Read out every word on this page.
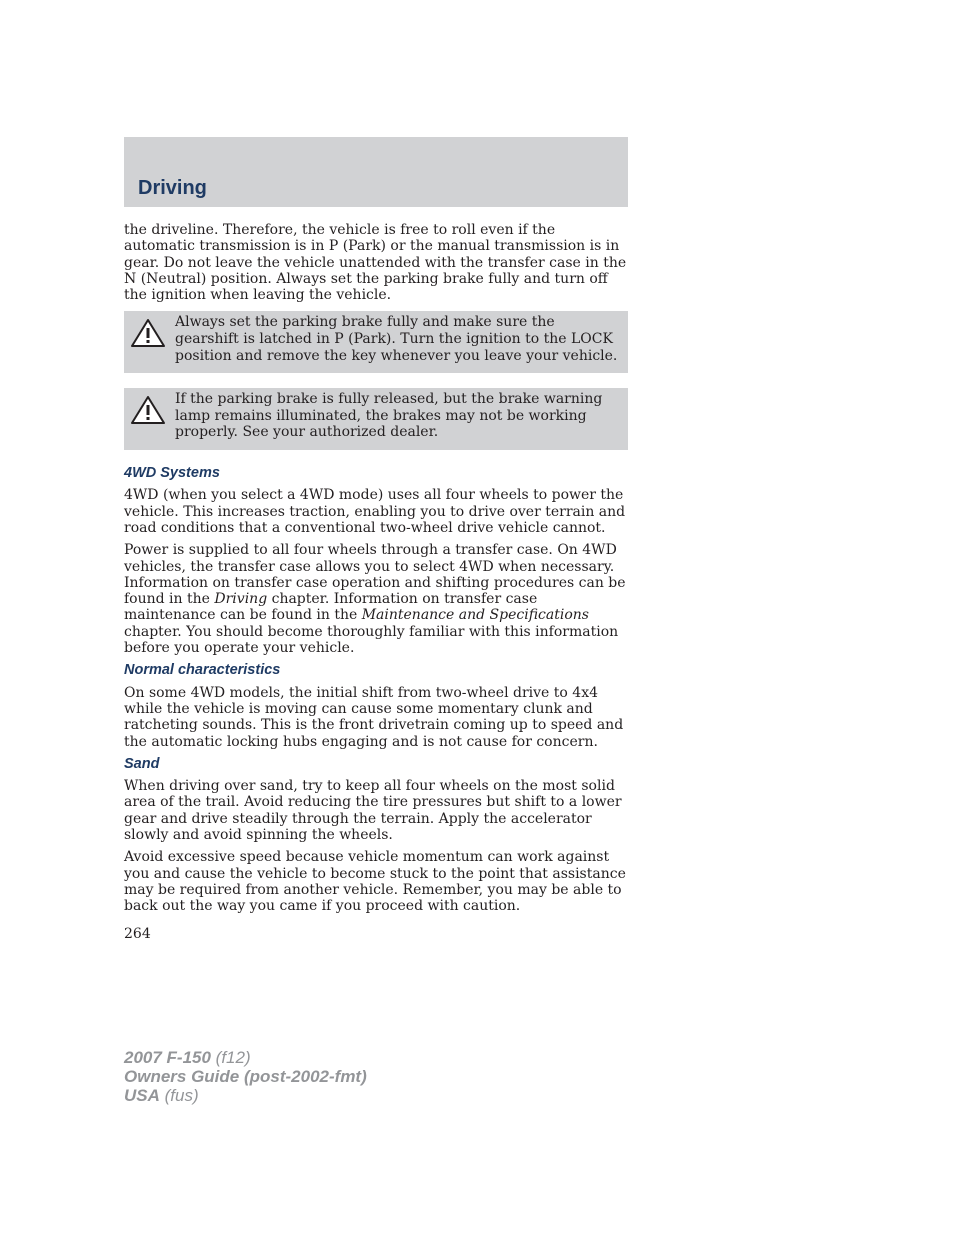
Driving

the driveline. Therefore, the vehicle is free to roll even if the automatic transmission is in P (Park) or the manual transmission is in gear. Do not leave the vehicle unattended with the transfer case in the N (Neutral) position. Always set the parking brake fully and turn off the ignition when leaving the vehicle.

Always set the parking brake fully and make sure the gearshift is latched in P (Park). Turn the ignition to the LOCK position and remove the key whenever you leave your vehicle.
If the parking brake is fully released, but the brake warning lamp remains illuminated, the brakes may not be working properly. See your authorized dealer.
4WD Systems

4WD (when you select a 4WD mode) uses all four wheels to power the vehicle. This increases traction, enabling you to drive over terrain and road conditions that a conventional two-wheel drive vehicle cannot.

Power is supplied to all four wheels through a transfer case. On 4WD vehicles, the transfer case allows you to select 4WD when necessary. Information on transfer case operation and shifting procedures can be found in the Driving chapter. Information on transfer case maintenance can be found in the Maintenance and Specifications chapter. You should become thoroughly familiar with this information before you operate your vehicle.

Normal characteristics

On some 4WD models, the initial shift from two-wheel drive to 4x4 while the vehicle is moving can cause some momentary clunk and ratcheting sounds. This is the front drivetrain coming up to speed and the automatic locking hubs engaging and is not cause for concern.

Sand

When driving over sand, try to keep all four wheels on the most solid area of the trail. Avoid reducing the tire pressures but shift to a lower gear and drive steadily through the terrain. Apply the accelerator slowly and avoid spinning the wheels.

Avoid excessive speed because vehicle momentum can work against you and cause the vehicle to become stuck to the point that assistance may be required from another vehicle. Remember, you may be able to back out the way you came if you proceed with caution.

264
2007 F-150 (f12)
Owners Guide (post-2002-fmt)
USA (fus)
